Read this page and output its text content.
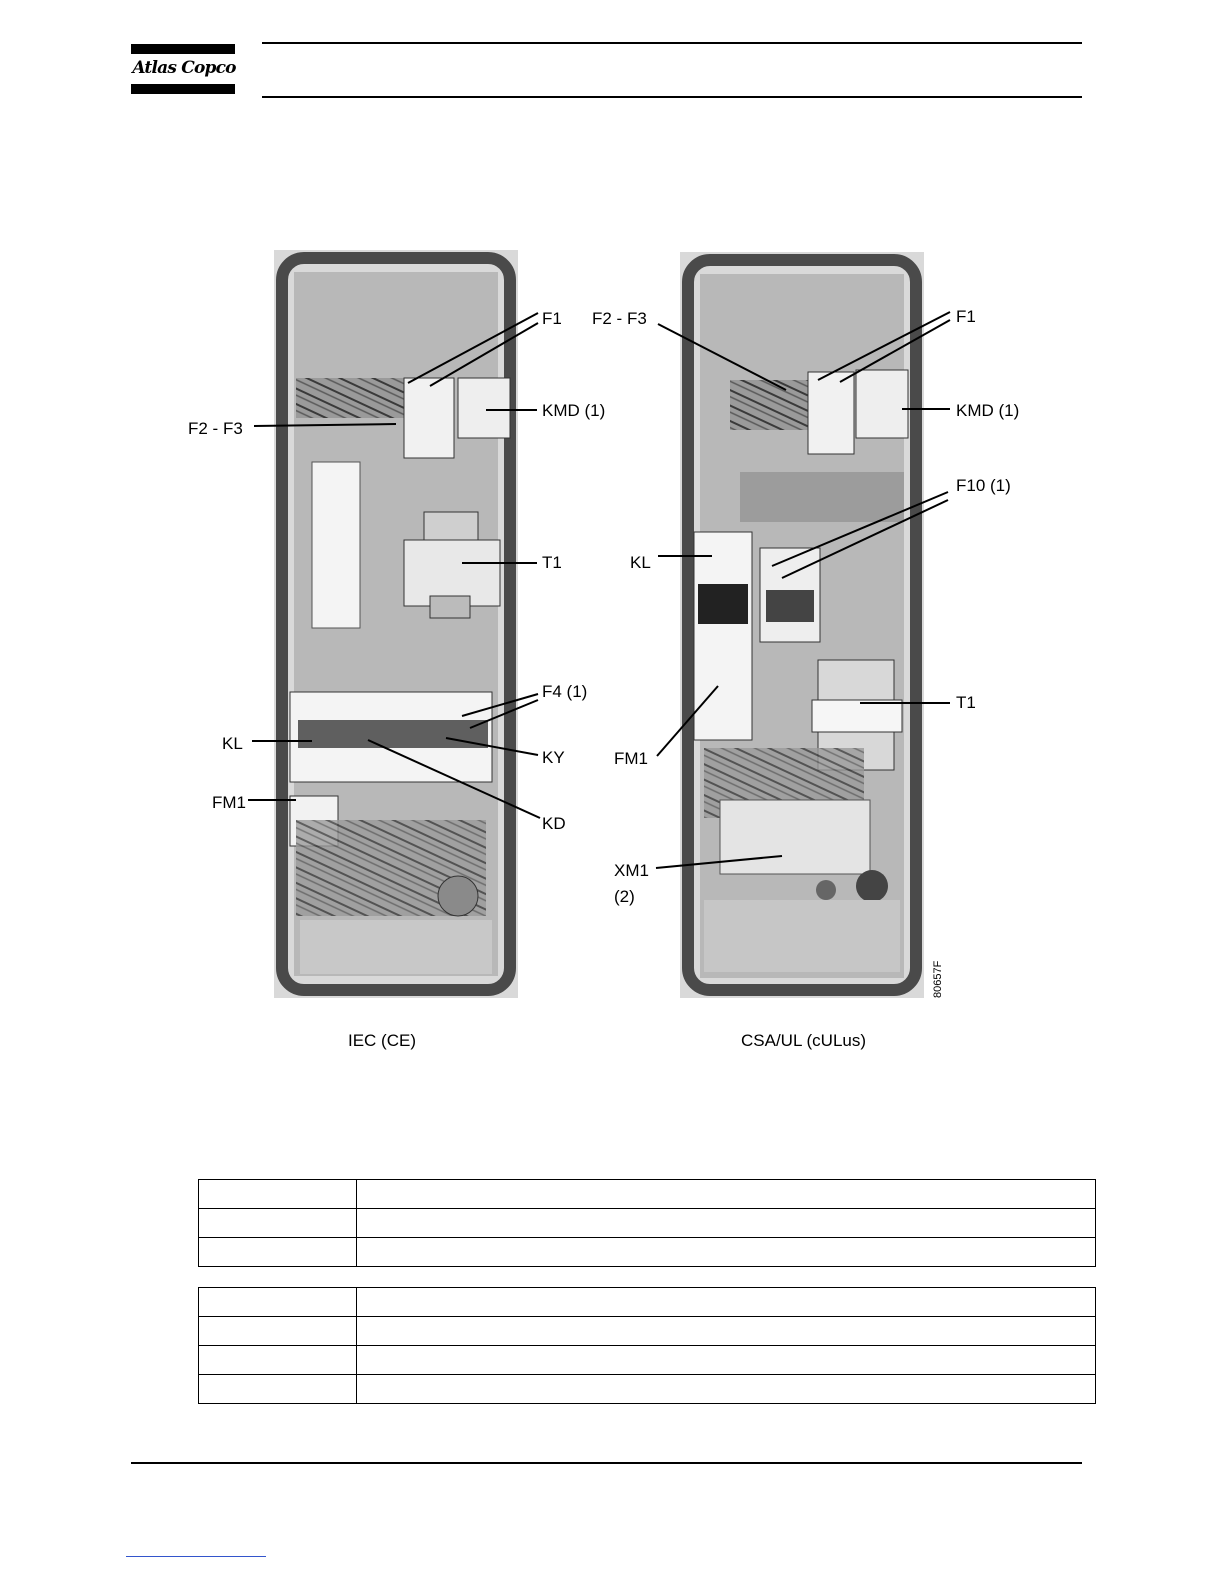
Atlas Copco
F1
F2 - F3
KMD (1)
T1
F4 (1)
KL
KY
FM1
KD
F2 - F3	F1
KMD (1)
F10 (1)
KL
T1
FM1
XM1
(2)
80657F
IEC (CE)	CSA/UL (cULus)
